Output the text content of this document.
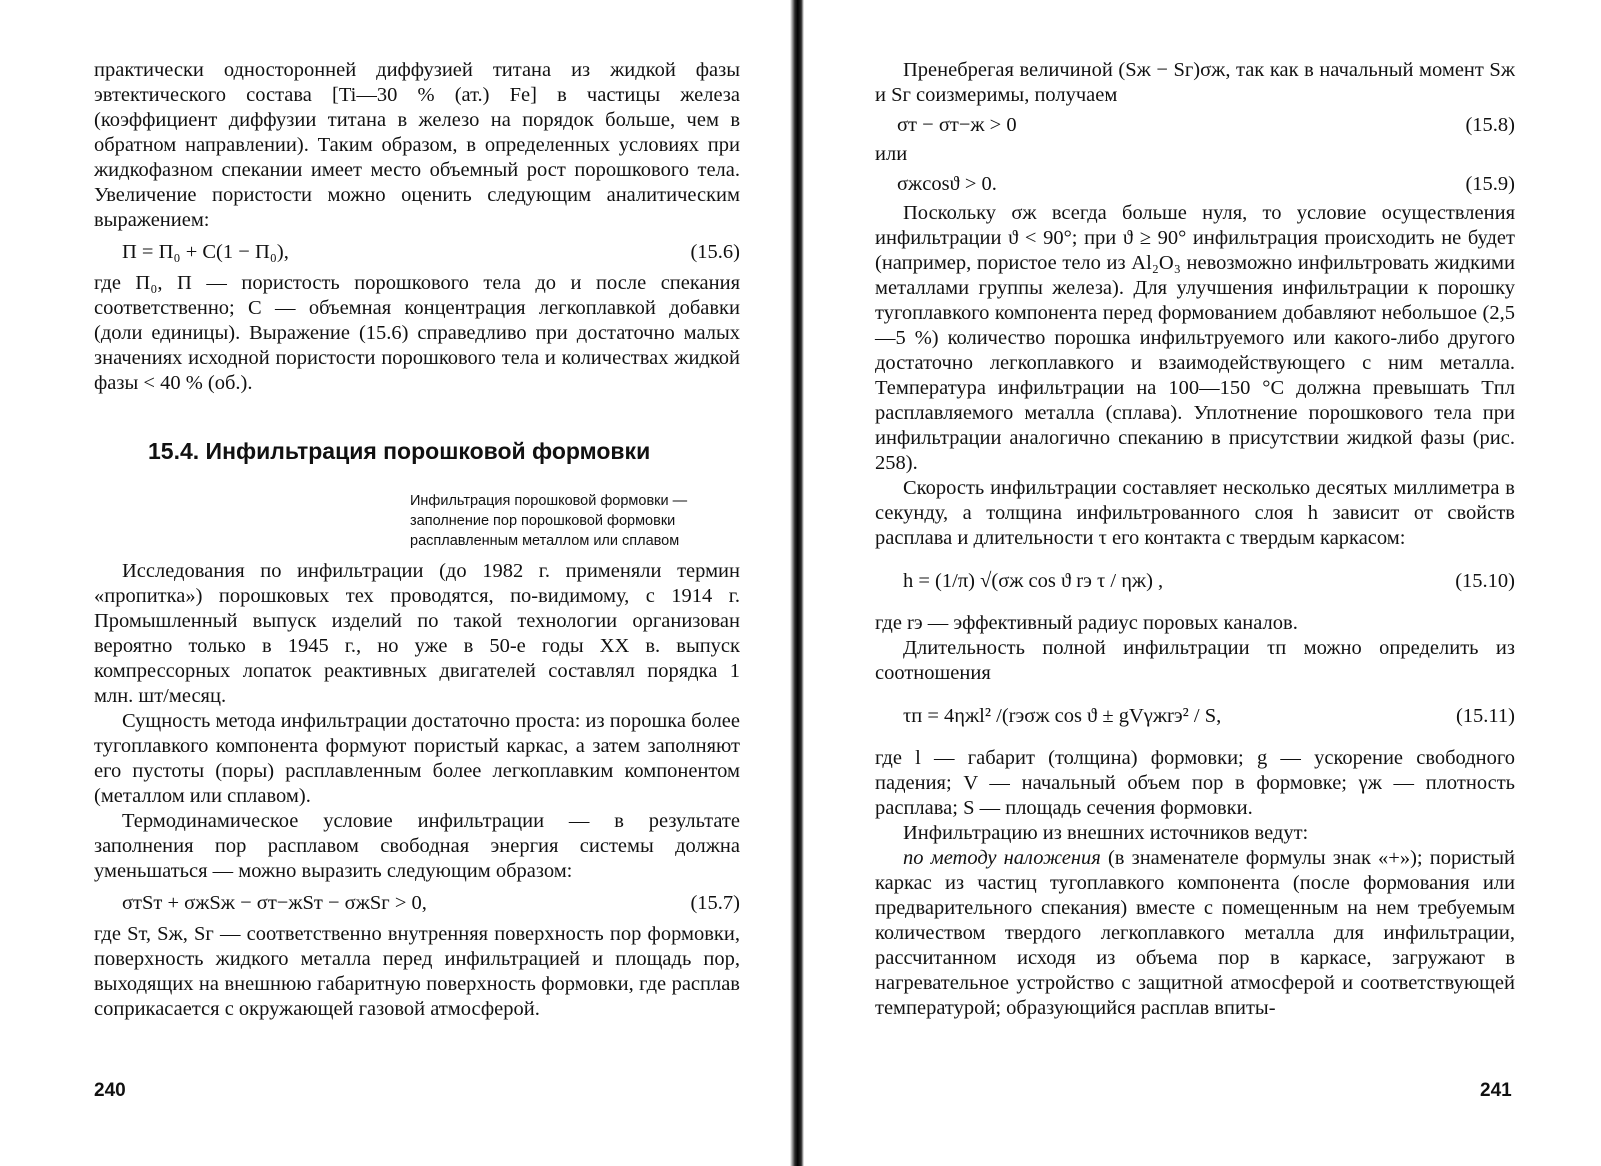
практически односторонней диффузией титана из жидкой фазы эвтектического состава [Ti—30 % (ат.) Fe] в частицы железа (коэффициент диффузии титана в железо на порядок больше, чем в обратном направлении). Таким образом, в определенных условиях при жидкофазном спекании имеет место объемный рост порошкового тела. Увеличение пористости можно оценить следующим аналитическим выражением:

П = П₀ + C(1 − П₀),	(15.6)

где П₀, П — пористость порошкового тела до и после спекания соответственно; C — объемная концентрация легкоплавкой добавки (доли единицы). Выражение (15.6) справедливо при достаточно малых значениях исходной пористости порошкового тела и количествах жидкой фазы < 40 % (об.).

15.4. Инфильтрация порошковой формовки
Инфильтрация порошковой формовки — заполнение пор порошковой формовки расплавленным металлом или сплавом

Исследования по инфильтрации (до 1982 г. применяли термин «пропитка») порошковых тех проводятся, по-видимому, с 1914 г. Промышленный выпуск изделий по такой технологии организован вероятно только в 1945 г., но уже в 50-е годы XX в. выпуск компрессорных лопаток реактивных двигателей составлял порядка 1 млн. шт/месяц.

Сущность метода инфильтрации достаточно проста: из порошка более тугоплавкого компонента формуют пористый каркас, а затем заполняют его пустоты (поры) расплавленным более легкоплавким компонентом (металлом или сплавом).

Термодинамическое условие инфильтрации — в результате заполнения пор расплавом свободная энергия системы должна уменьшаться — можно выразить следующим образом:

σтSт + σжSж − σт−жSт − σжSг > 0,	(15.7)

где Sт, Sж, Sг — соответственно внутренняя поверхность пор формовки, поверхность жидкого металла перед инфильтрацией и площадь пор, выходящих на внешнюю габаритную поверхность формовки, где расплав соприкасается с окружающей газовой атмосферой.

240

Пренебрегая величиной (Sж − Sг)σж, так как в начальный момент Sж и Sг соизмеримы, получаем

σт − σт−ж > 0	(15.8)

или

σжcosϑ > 0.	(15.9)

Поскольку σж всегда больше нуля, то условие осуществления инфильтрации ϑ < 90°; при ϑ ≥ 90° инфильтрация происходить не будет (например, пористое тело из Al₂O₃ невозможно инфильтровать жидкими металлами группы железа). Для улучшения инфильтрации к порошку тугоплавкого компонента перед формованием добавляют небольшое (2,5—5 %) количество порошка инфильтруемого или какого-либо другого достаточно легкоплавкого и взаимодействующего с ним металла. Температура инфильтрации на 100—150 °С должна превышать Tпл расплавляемого металла (сплава). Уплотнение порошкового тела при инфильтрации аналогично спеканию в присутствии жидкой фазы (рис. 258).

Скорость инфильтрации составляет несколько десятых миллиметра в секунду, а толщина инфильтрованного слоя h зависит от свойств расплава и длительности τ его контакта с твердым каркасом:

h = (1/π) √(σж cos ϑ rэ τ / ηж) ,	(15.10)

где rэ — эффективный радиус поровых каналов.

Длительность полной инфильтрации τп можно определить из соотношения

τп = 4ηжl² /(rэσж cos ϑ ± gVγжrэ² / S,	(15.11)

где l — габарит (толщина) формовки; g — ускорение свободного падения; V — начальный объем пор в формовке; γж — плотность расплава; S — площадь сечения формовки.

Инфильтрацию из внешних источников ведут:

по методу наложения (в знаменателе формулы знак «+»); пористый каркас из частиц тугоплавкого компонента (после формования или предварительного спекания) вместе с помещенным на нем требуемым количеством твердого легкоплавкого металла для инфильтрации, рассчитанном исходя из объема пор в каркасе, загружают в нагревательное устройство с защитной атмосферой и соответствующей температурой; образующийся расплав впиты-

241
